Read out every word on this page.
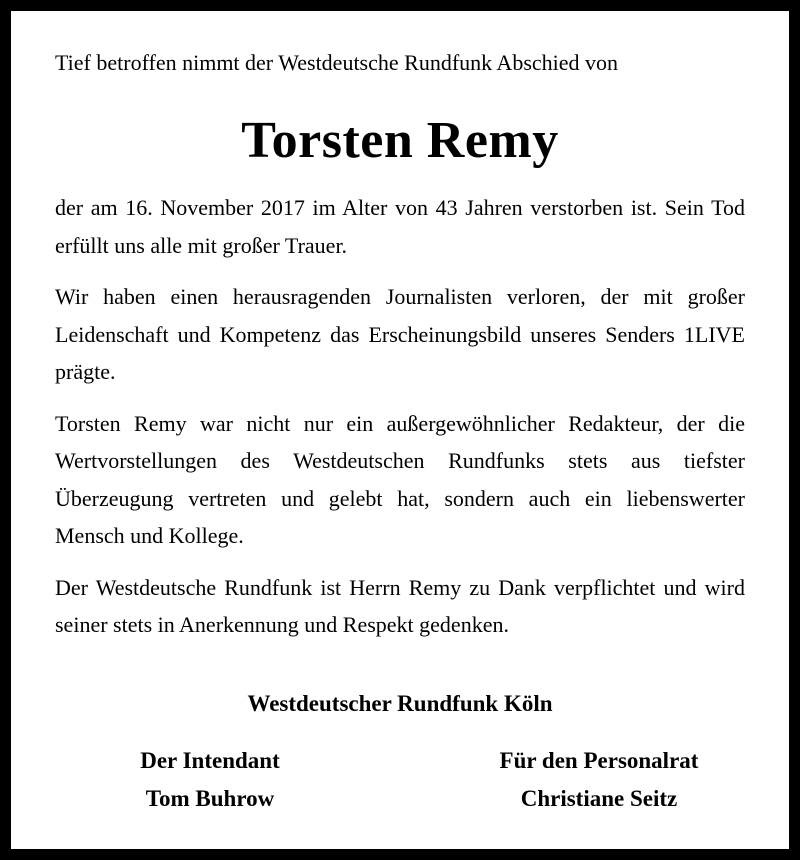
Tief betroffen nimmt der Westdeutsche Rundfunk Abschied von

Torsten Remy

der am 16. November 2017 im Alter von 43 Jahren verstorben ist. Sein Tod erfüllt uns alle mit großer Trauer.

Wir haben einen herausragenden Journalisten verloren, der mit großer Leidenschaft und Kompetenz das Erscheinungsbild unseres Senders 1LIVE prägte.

Torsten Remy war nicht nur ein außergewöhnlicher Redakteur, der die Wertvorstellungen des Westdeutschen Rundfunks stets aus tiefster Überzeugung vertreten und gelebt hat, sondern auch ein liebenswerter Mensch und Kollege.

Der Westdeutsche Rundfunk ist Herrn Remy zu Dank verpflichtet und wird seiner stets in Anerkennung und Respekt gedenken.

Westdeutscher Rundfunk Köln
Der Intendant
Tom Buhrow
Für den Personalrat
Christiane Seitz
